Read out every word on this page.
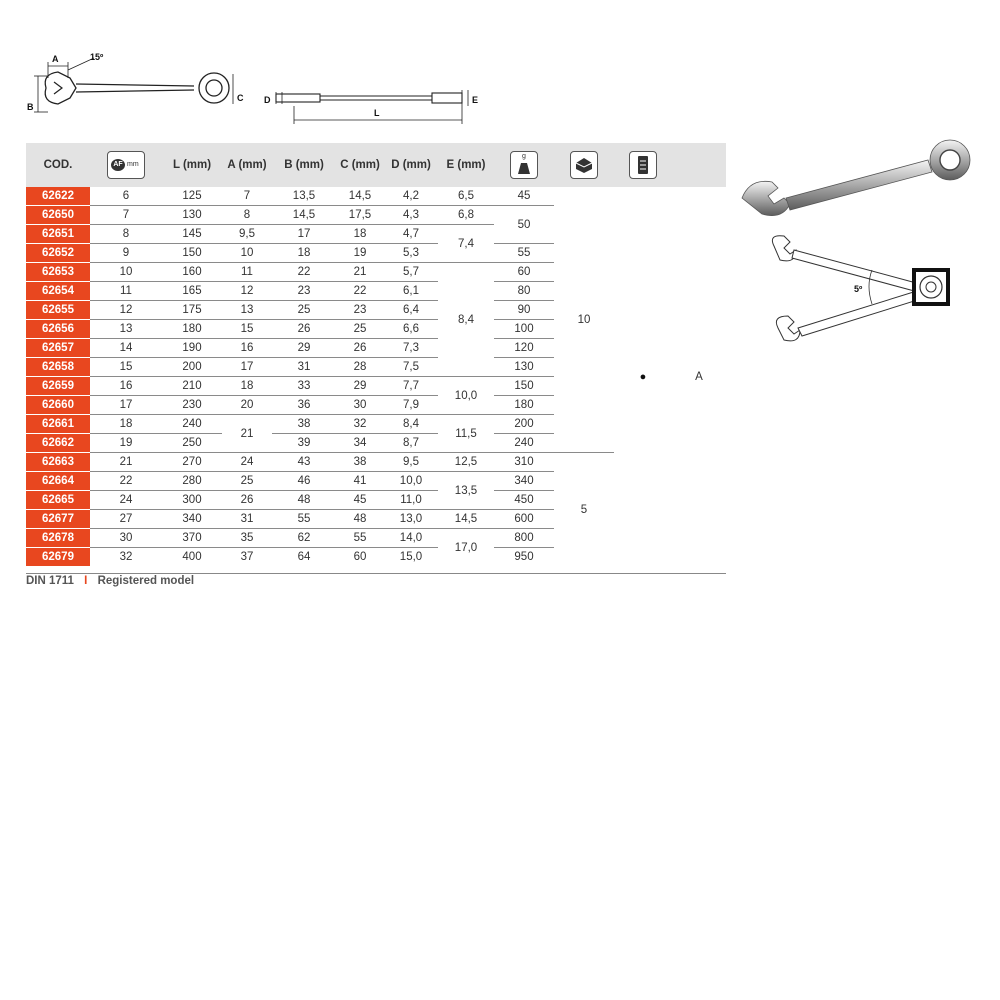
A	15º
B
C D	E
L
COD.	AF mm	L (mm)	A (mm)	B (mm)	C (mm)	D (mm)	E (mm)	g

62622	6	125	7	13,5	14,5	4,2	6,5	45	10	●	A
62650	7	130	8	14,5	17,5	4,3	6,8	50			
62651	8	145	9,5	17	18	4,7	7,4				
62652	9	150	10	18	19	5,3		55			
62653	10	160	11	22	21	5,7	8,4	60			
62654	11	165	12	23	22	6,1		80			
62655	12	175	13	25	23	6,4		90			
62656	13	180	15	26	25	6,6		100			
62657	14	190	16	29	26	7,3		120			
62658	15	200	17	31	28	7,5		130			
62659	16	210	18	33	29	7,7	10,0	150			
62660	17	230	20	36	30	7,9		180			
62661	18	240	21	38	32	8,4	11,5	200			
62662	19	250		39	34	8,7		240			
62663	21	270	24	43	38	9,5	12,5	310	5		
62664	22	280	25	46	41	10,0	13,5	340			
62665	24	300	26	48	45	11,0		450			
62677	27	340	31	55	48	13,0	14,5	600			
62678	30	370	35	62	55	14,0	17,0	800			
62679	32	400	37	64	60	15,0		950			
DIN 1711 I Registered model
5º
